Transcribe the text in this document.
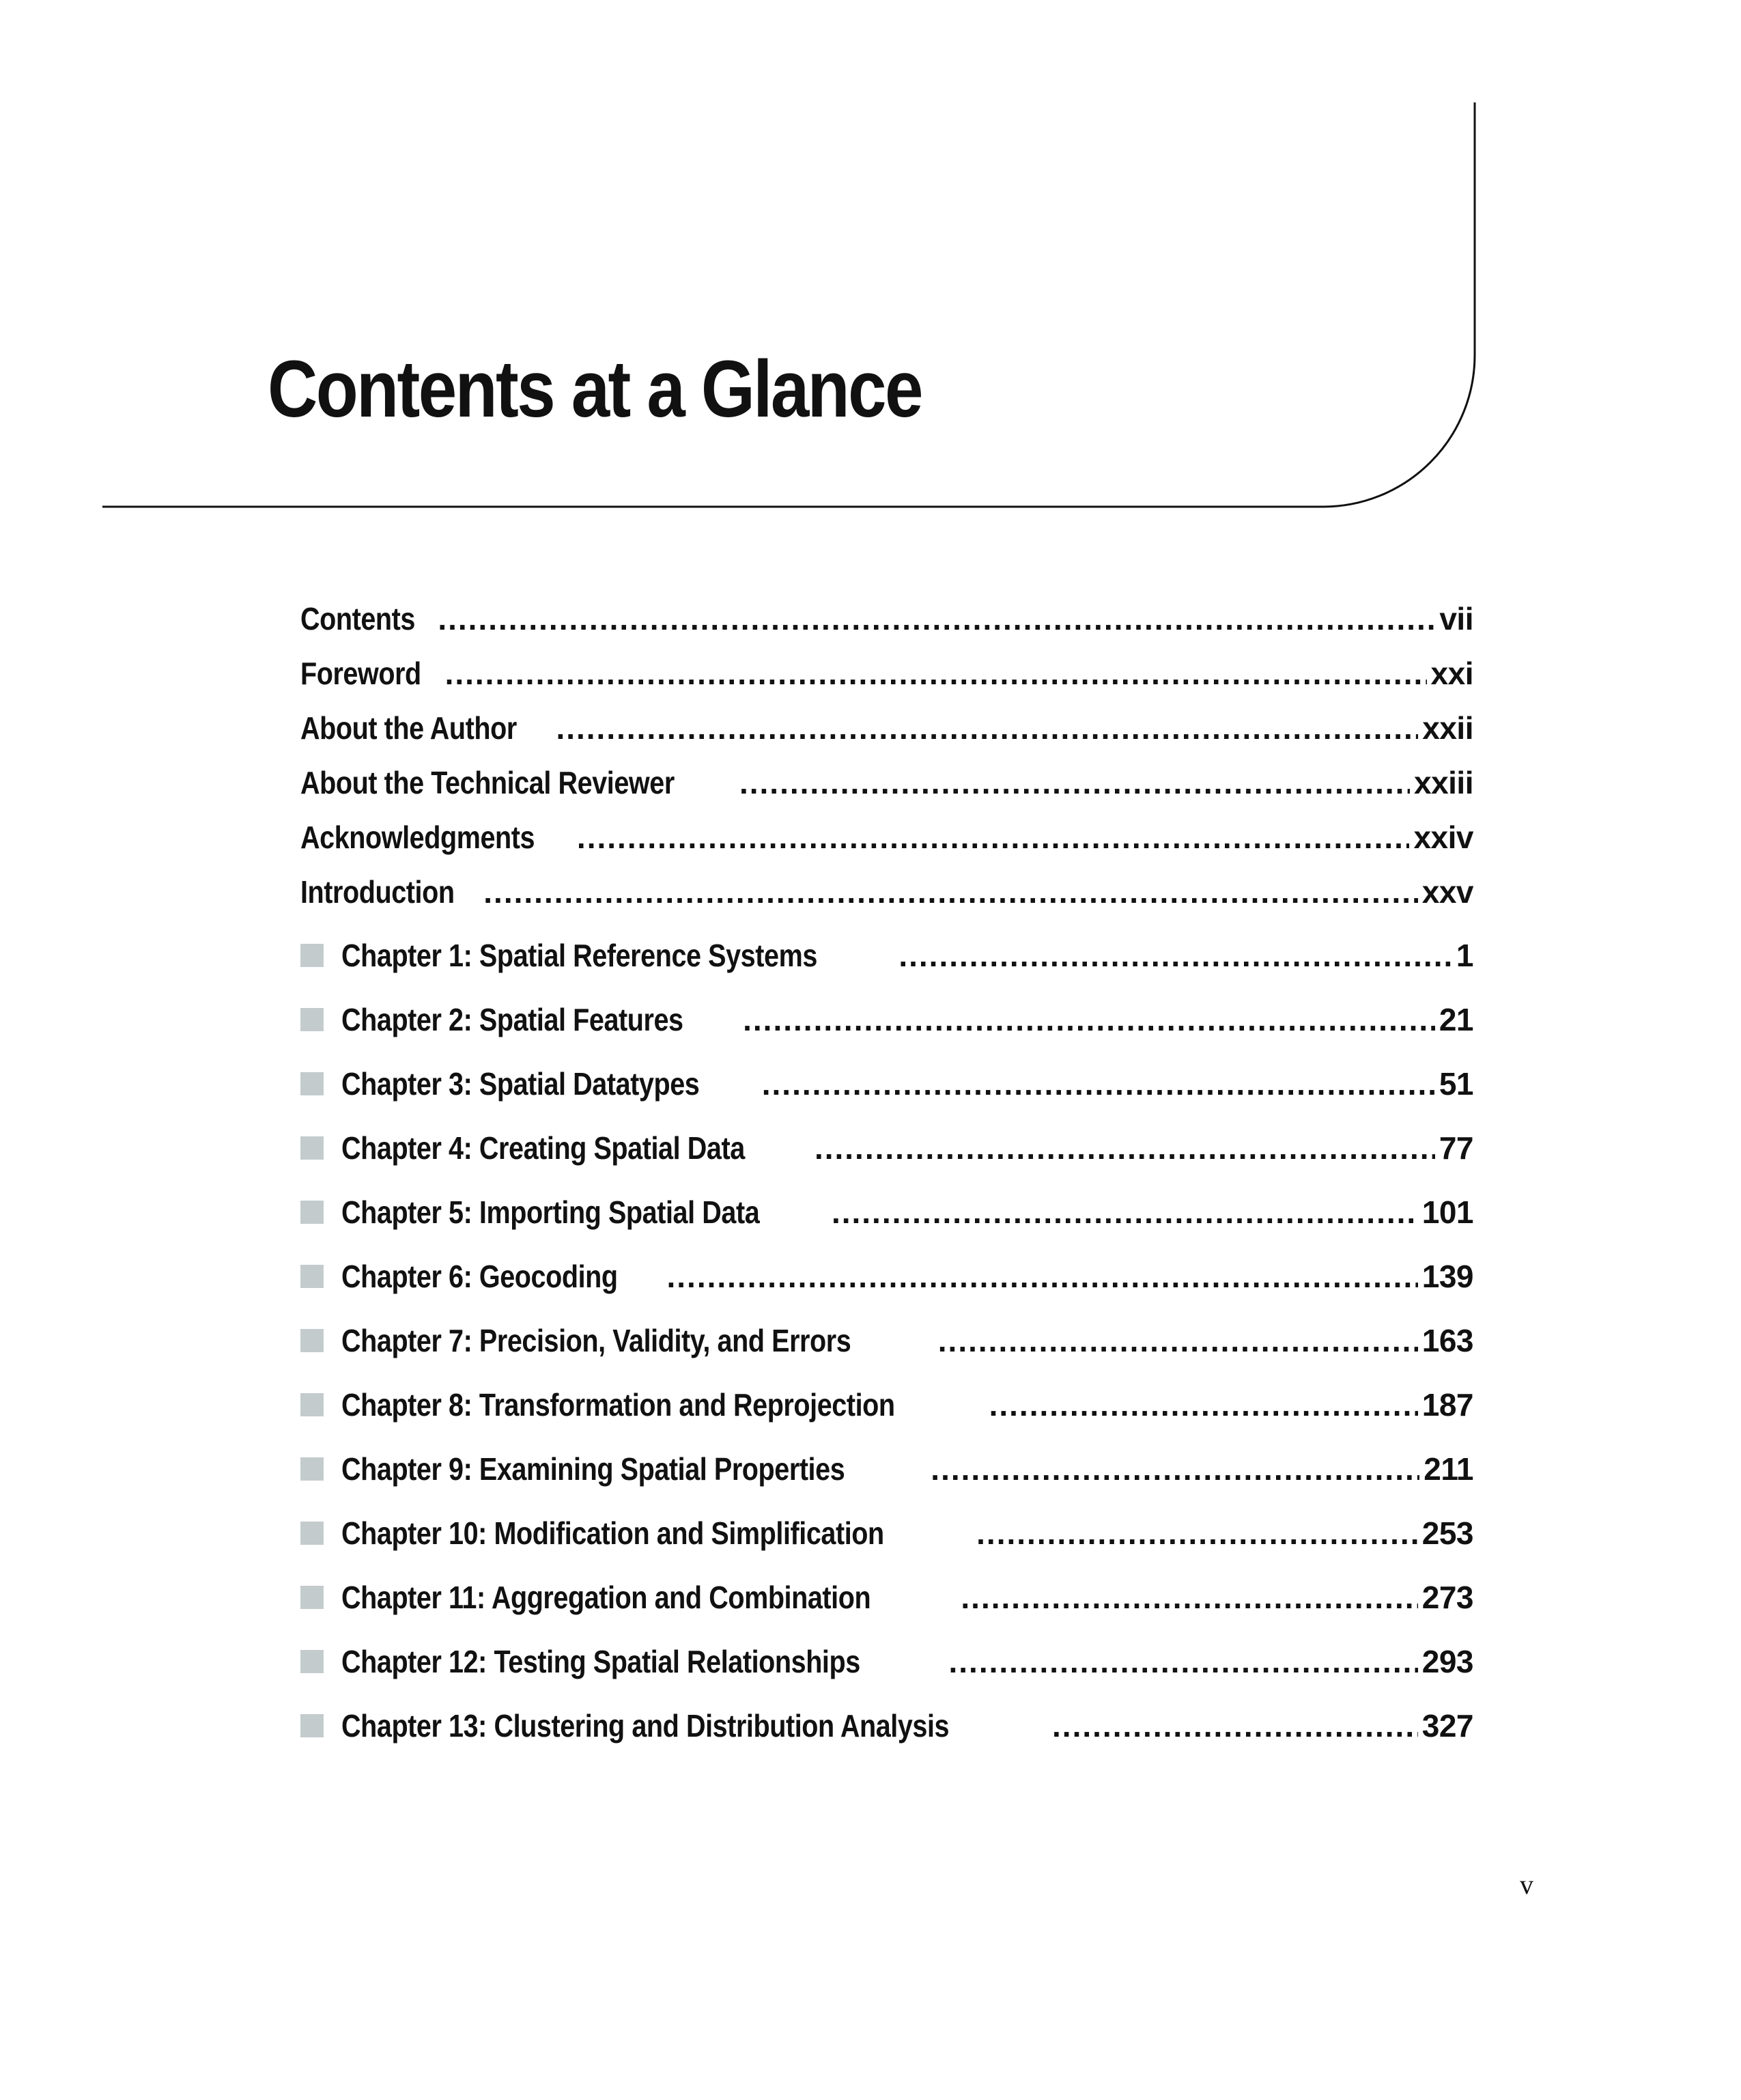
Contents at a Glance
Contents .....	vii
Foreword .....	xxi
About the Author .....	xxii
About the Technical Reviewer .....	xxiii
Acknowledgments .....	xxiv
Introduction .....	xxv
Chapter 1: Spatial Reference Systems .....	1
Chapter 2: Spatial Features .....	21
Chapter 3: Spatial Datatypes .....	51
Chapter 4: Creating Spatial Data .....	77
Chapter 5: Importing Spatial Data .....	101
Chapter 6: Geocoding .....	139
Chapter 7: Precision, Validity, and Errors .....	163
Chapter 8: Transformation and Reprojection .....	187
Chapter 9: Examining Spatial Properties .....	211
Chapter 10: Modification and Simplification .....	253
Chapter 11: Aggregation and Combination .....	273
Chapter 12: Testing Spatial Relationships .....	293
Chapter 13: Clustering and Distribution Analysis .....	327
v
